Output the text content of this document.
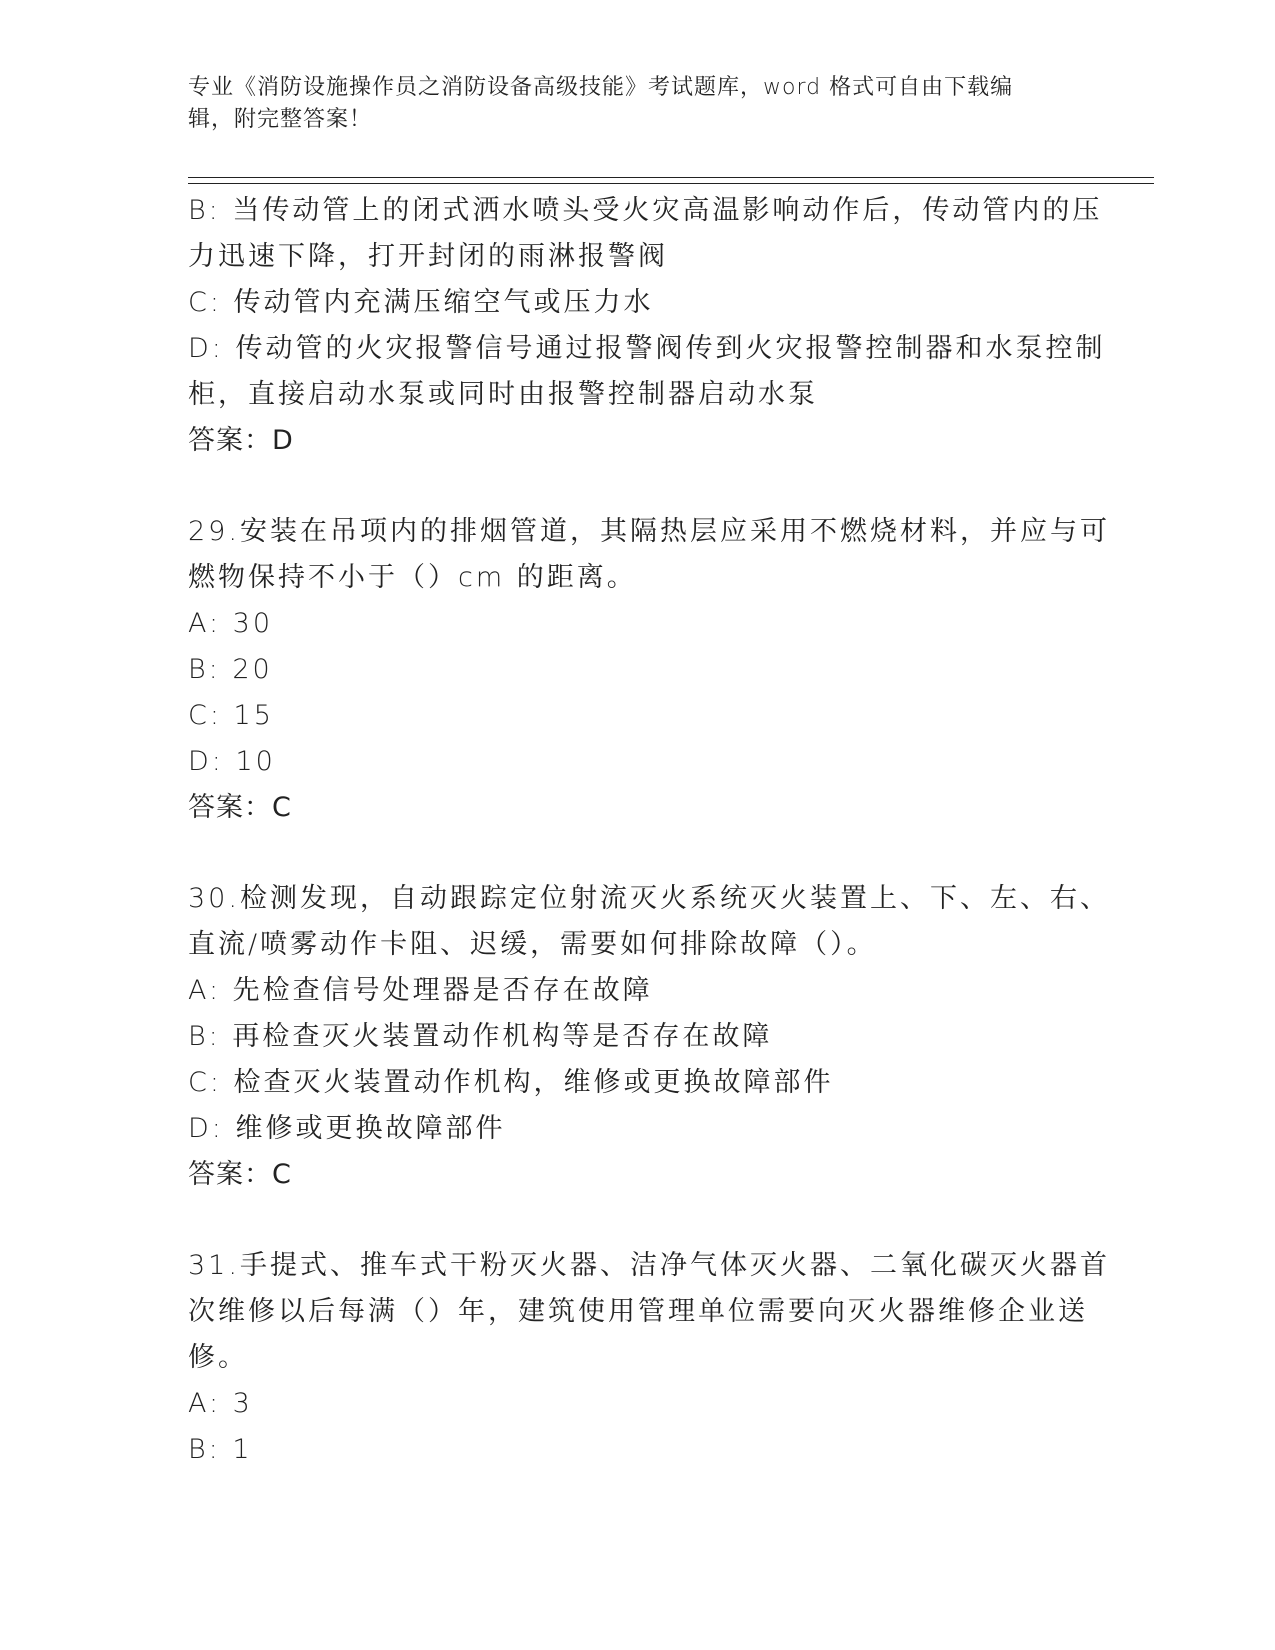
专业《消防设施操作员之消防设备高级技能》考试题库，word 格式可自由下载编
辑，附完整答案！
B: 当传动管上的闭式洒水喷头受火灾高温影响动作后，传动管内的压
力迅速下降，打开封闭的雨淋报警阀
C: 传动管内充满压缩空气或压力水
D: 传动管的火灾报警信号通过报警阀传到火灾报警控制器和水泵控制
柜，直接启动水泵或同时由报警控制器启动水泵
答案：D
29.安装在吊项内的排烟管道，其隔热层应采用不燃烧材料，并应与可
燃物保持不小于（）cm 的距离。
A: 30
B: 20
C: 15
D: 10
答案：C
30.检测发现，自动跟踪定位射流灭火系统灭火装置上、下、左、右、
直流/喷雾动作卡阻、迟缓，需要如何排除故障（）。
A: 先检查信号处理器是否存在故障
B: 再检查灭火装置动作机构等是否存在故障
C: 检查灭火装置动作机构，维修或更换故障部件
D: 维修或更换故障部件
答案：C
31.手提式、推车式干粉灭火器、洁净气体灭火器、二氧化碳灭火器首
次维修以后每满（）年，建筑使用管理单位需要向灭火器维修企业送
修。
A: 3
B: 1
